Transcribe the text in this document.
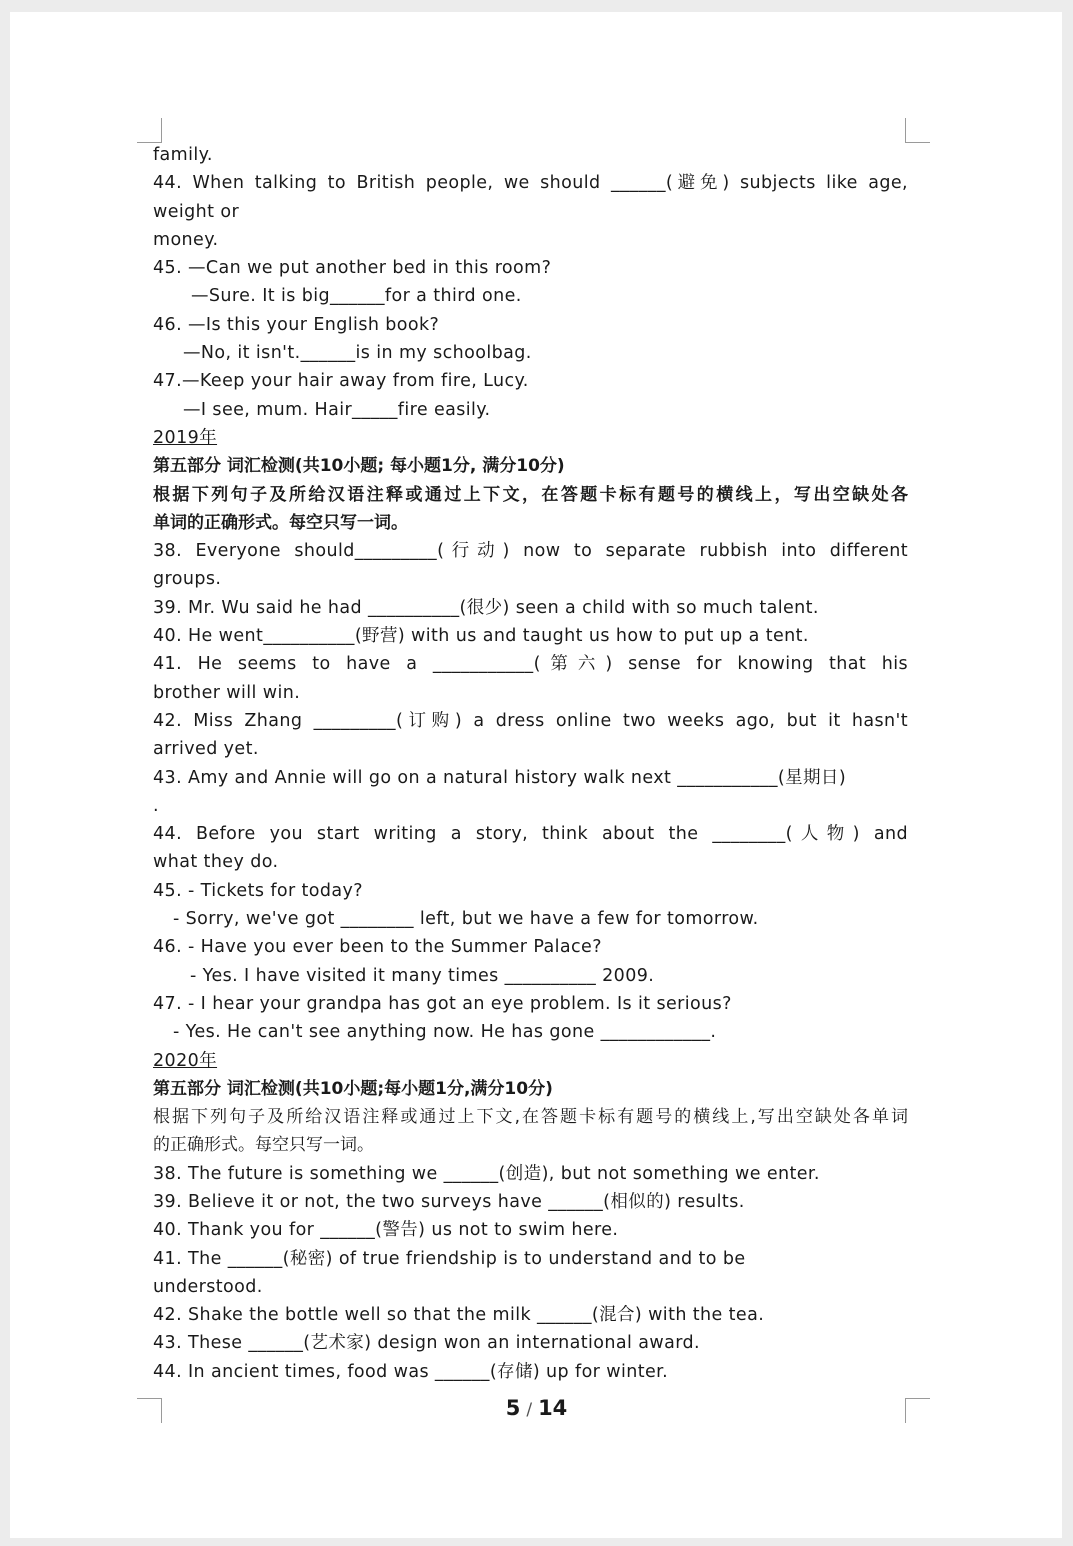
family.
44. When talking to British people, we should ______(避免) subjects like age,
weight or
money.
45. —Can we put another bed in this room?
—Sure. It is big______for a third one.
46. —Is this your English book?
—No, it isn't.______is in my schoolbag.
47.—Keep your hair away from fire, Lucy.
—I see, mum. Hair_____fire easily.
2019年
第五部分 词汇检测(共10小题; 每小题1分, 满分10分)
根据下列句子及所给汉语注释或通过上下文，在答题卡标有题号的横线上，写出空缺处各
单词的正确形式。每空只写一词。
38. Everyone should_________(行动) now to separate rubbish into different
groups.
39. Mr. Wu said he had __________(很少) seen a child with so much talent.
40. He went__________(野营) with us and taught us how to put up a tent.
41. He seems to have a ___________(第六) sense for knowing that his
brother will win.
42. Miss Zhang _________(订购) a dress online two weeks ago, but it hasn't
arrived yet.
43. Amy and Annie will go on a natural history walk next ___________(星期日)
.
44. Before you start writing a story, think about the ________(人物) and
what they do.
45. - Tickets for today?
- Sorry, we've got ________ left, but we have a few for tomorrow.
46. - Have you ever been to the Summer Palace?
- Yes. I have visited it many times __________ 2009.
47. - I hear your grandpa has got an eye problem. Is it serious?
- Yes. He can't see anything now. He has gone ____________.
2020年
第五部分 词汇检测(共10小题;每小题1分,满分10分)
根据下列句子及所给汉语注释或通过上下文,在答题卡标有题号的横线上,写出空缺处各单词
的正确形式。每空只写一词。
38. The future is something we ______(创造), but not something we enter.
39. Believe it or not, the two surveys have ______(相似的) results.
40. Thank you for ______(警告) us not to swim here.
41. The ______(秘密) of true friendship is to understand and to be
understood.
42. Shake the bottle well so that the milk ______(混合) with the tea.
43. These ______(艺术家) design won an international award.
44. In ancient times, food was ______(存储) up for winter.
5 / 14
